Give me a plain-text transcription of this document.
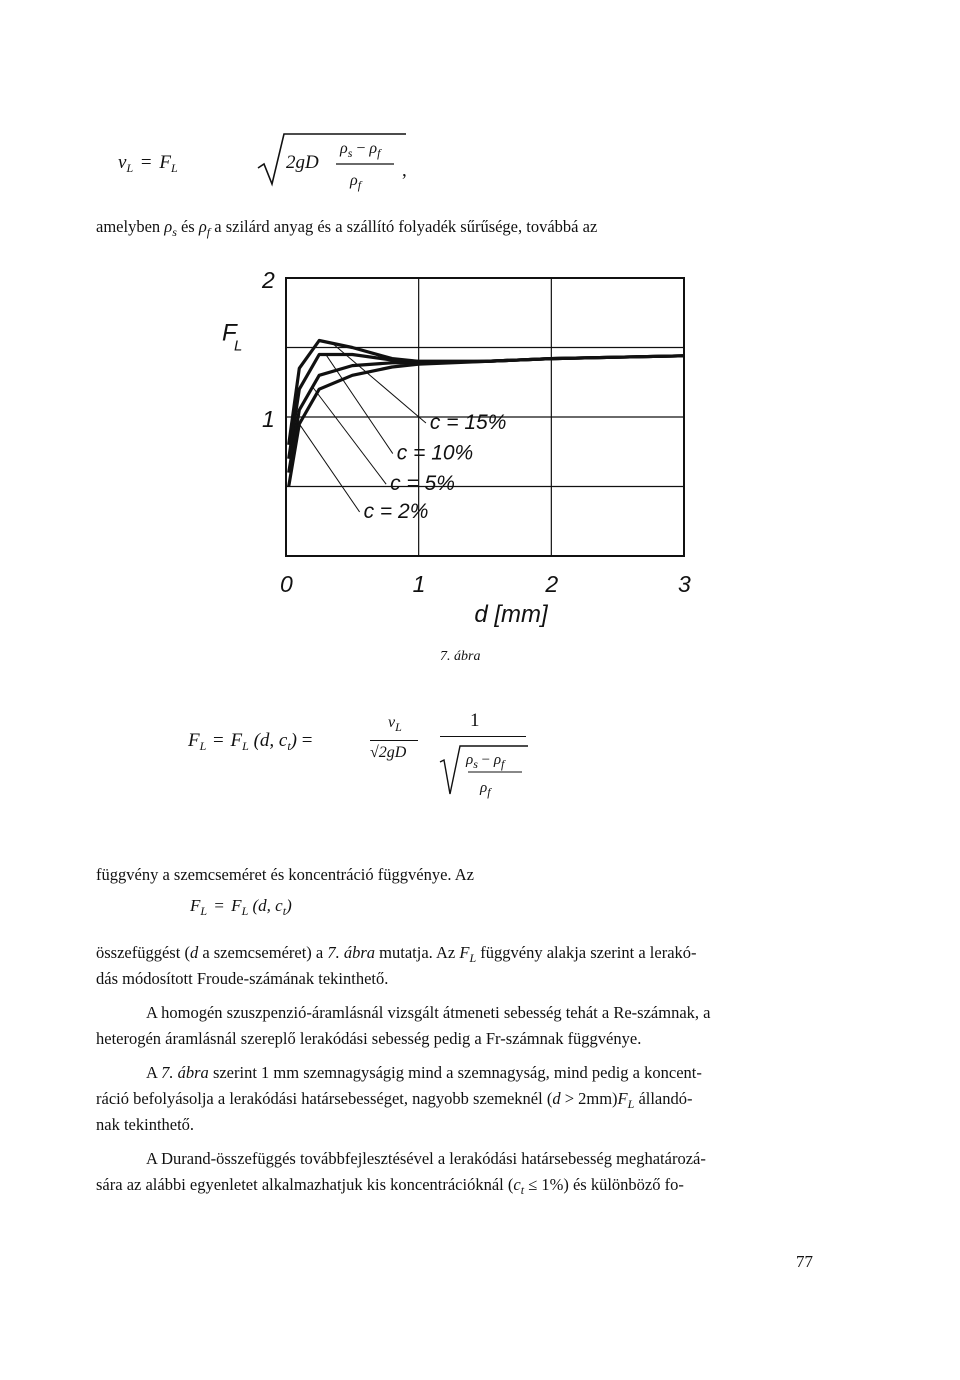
$v_L = F_L$	2gD
$\rho_s - \rho_f$
$\rho_f$
,
amelyben $\rho_s$ és $\rho_f$ a szilárd anyag és a szállító folyadék sűrűsége, továbbá az
c = 15%
c = 10%
c = 5%
c = 2%
0	1	2	3
1
2
F
L
d [mm]
7. ábra
$F_L = F_L$ (d, $c_t$) =
$v_L$
√2gD
1
$\rho_s - \rho_f$
$\rho_f$
függvény a szemcseméret és koncentráció függvénye. Az
$F_L = F_L$ (d, $c_t$)
összefüggést (d a szemcseméret) a 7. ábra mutatja. Az $F_L$ függvény alakja szerint a lerakó-
dás módosított Froude-számának tekinthető.
A homogén szuszpenzió-áramlásnál vizsgált átmeneti sebesség tehát a Re-számnak, a
heterogén áramlásnál szereplő lerakódási sebesség pedig a Fr-számnak függvénye.
A 7. ábra szerint 1 mm szemnagyságig mind a szemnagyság, mind pedig a koncent-
ráció befolyásolja a lerakódási határsebességet, nagyobb szemeknél $(d > 2mm)F_L$ állandó-
nak tekinthető.
A Durand-összefüggés továbbfejlesztésével a lerakódási határsebesség meghatározá-
sára az alábbi egyenletet alkalmazhatjuk kis koncentrációknál $(c_t \le 1\%)$ és különböző fo-
77
